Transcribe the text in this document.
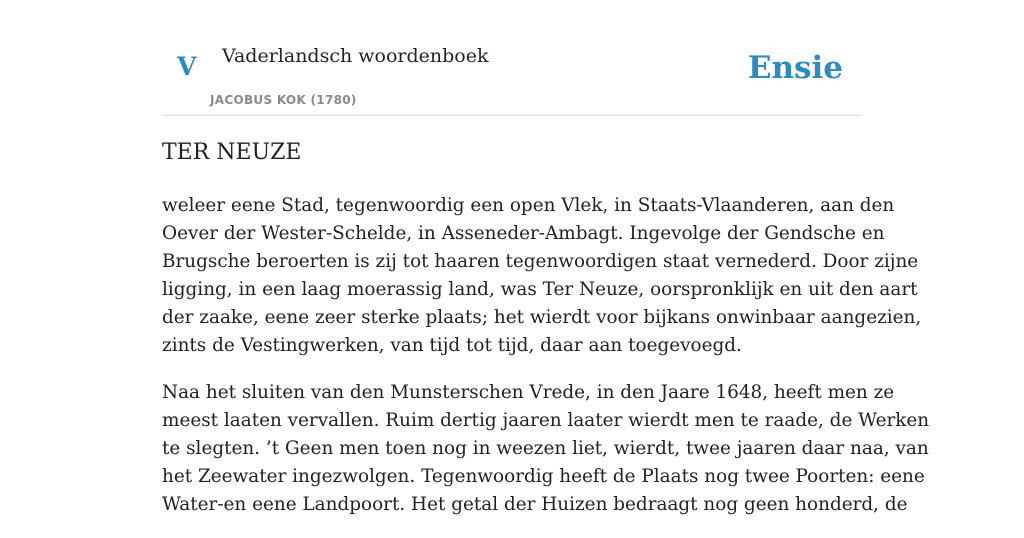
V Vaderlandsch woordenboek
JACOBUS KOK (1780)
Ensie
TER NEUZE

weleer eene Stad, tegenwoordig een open Vlek, in Staats-Vlaanderen, aan den
Oever der Wester-Schelde, in Asseneder-Ambagt. Ingevolge der Gendsche en
Brugsche beroerten is zij tot haaren tegenwoordigen staat vernederd. Door zijne
ligging, in een laag moerassig land, was Ter Neuze, oorspronklijk en uit den aart
der zaake, eene zeer sterke plaats; het wierdt voor bijkans onwinbaar aangezien,
zints de Vestingwerken, van tijd tot tijd, daar aan toegevoegd.

Naa het sluiten van den Munsterschen Vrede, in den Jaare 1648, heeft men ze
meest laaten vervallen. Ruim dertig jaaren laater wierdt men te raade, de Werken
te slegten. ’t Geen men toen nog in weezen liet, wierdt, twee jaaren daar naa, van
het Zeewater ingezwolgen. Tegenwoordig heeft de Plaats nog twee Poorten: eene
Water-en eene Landpoort. Het getal der Huizen bedraagt nog geen honderd, de
